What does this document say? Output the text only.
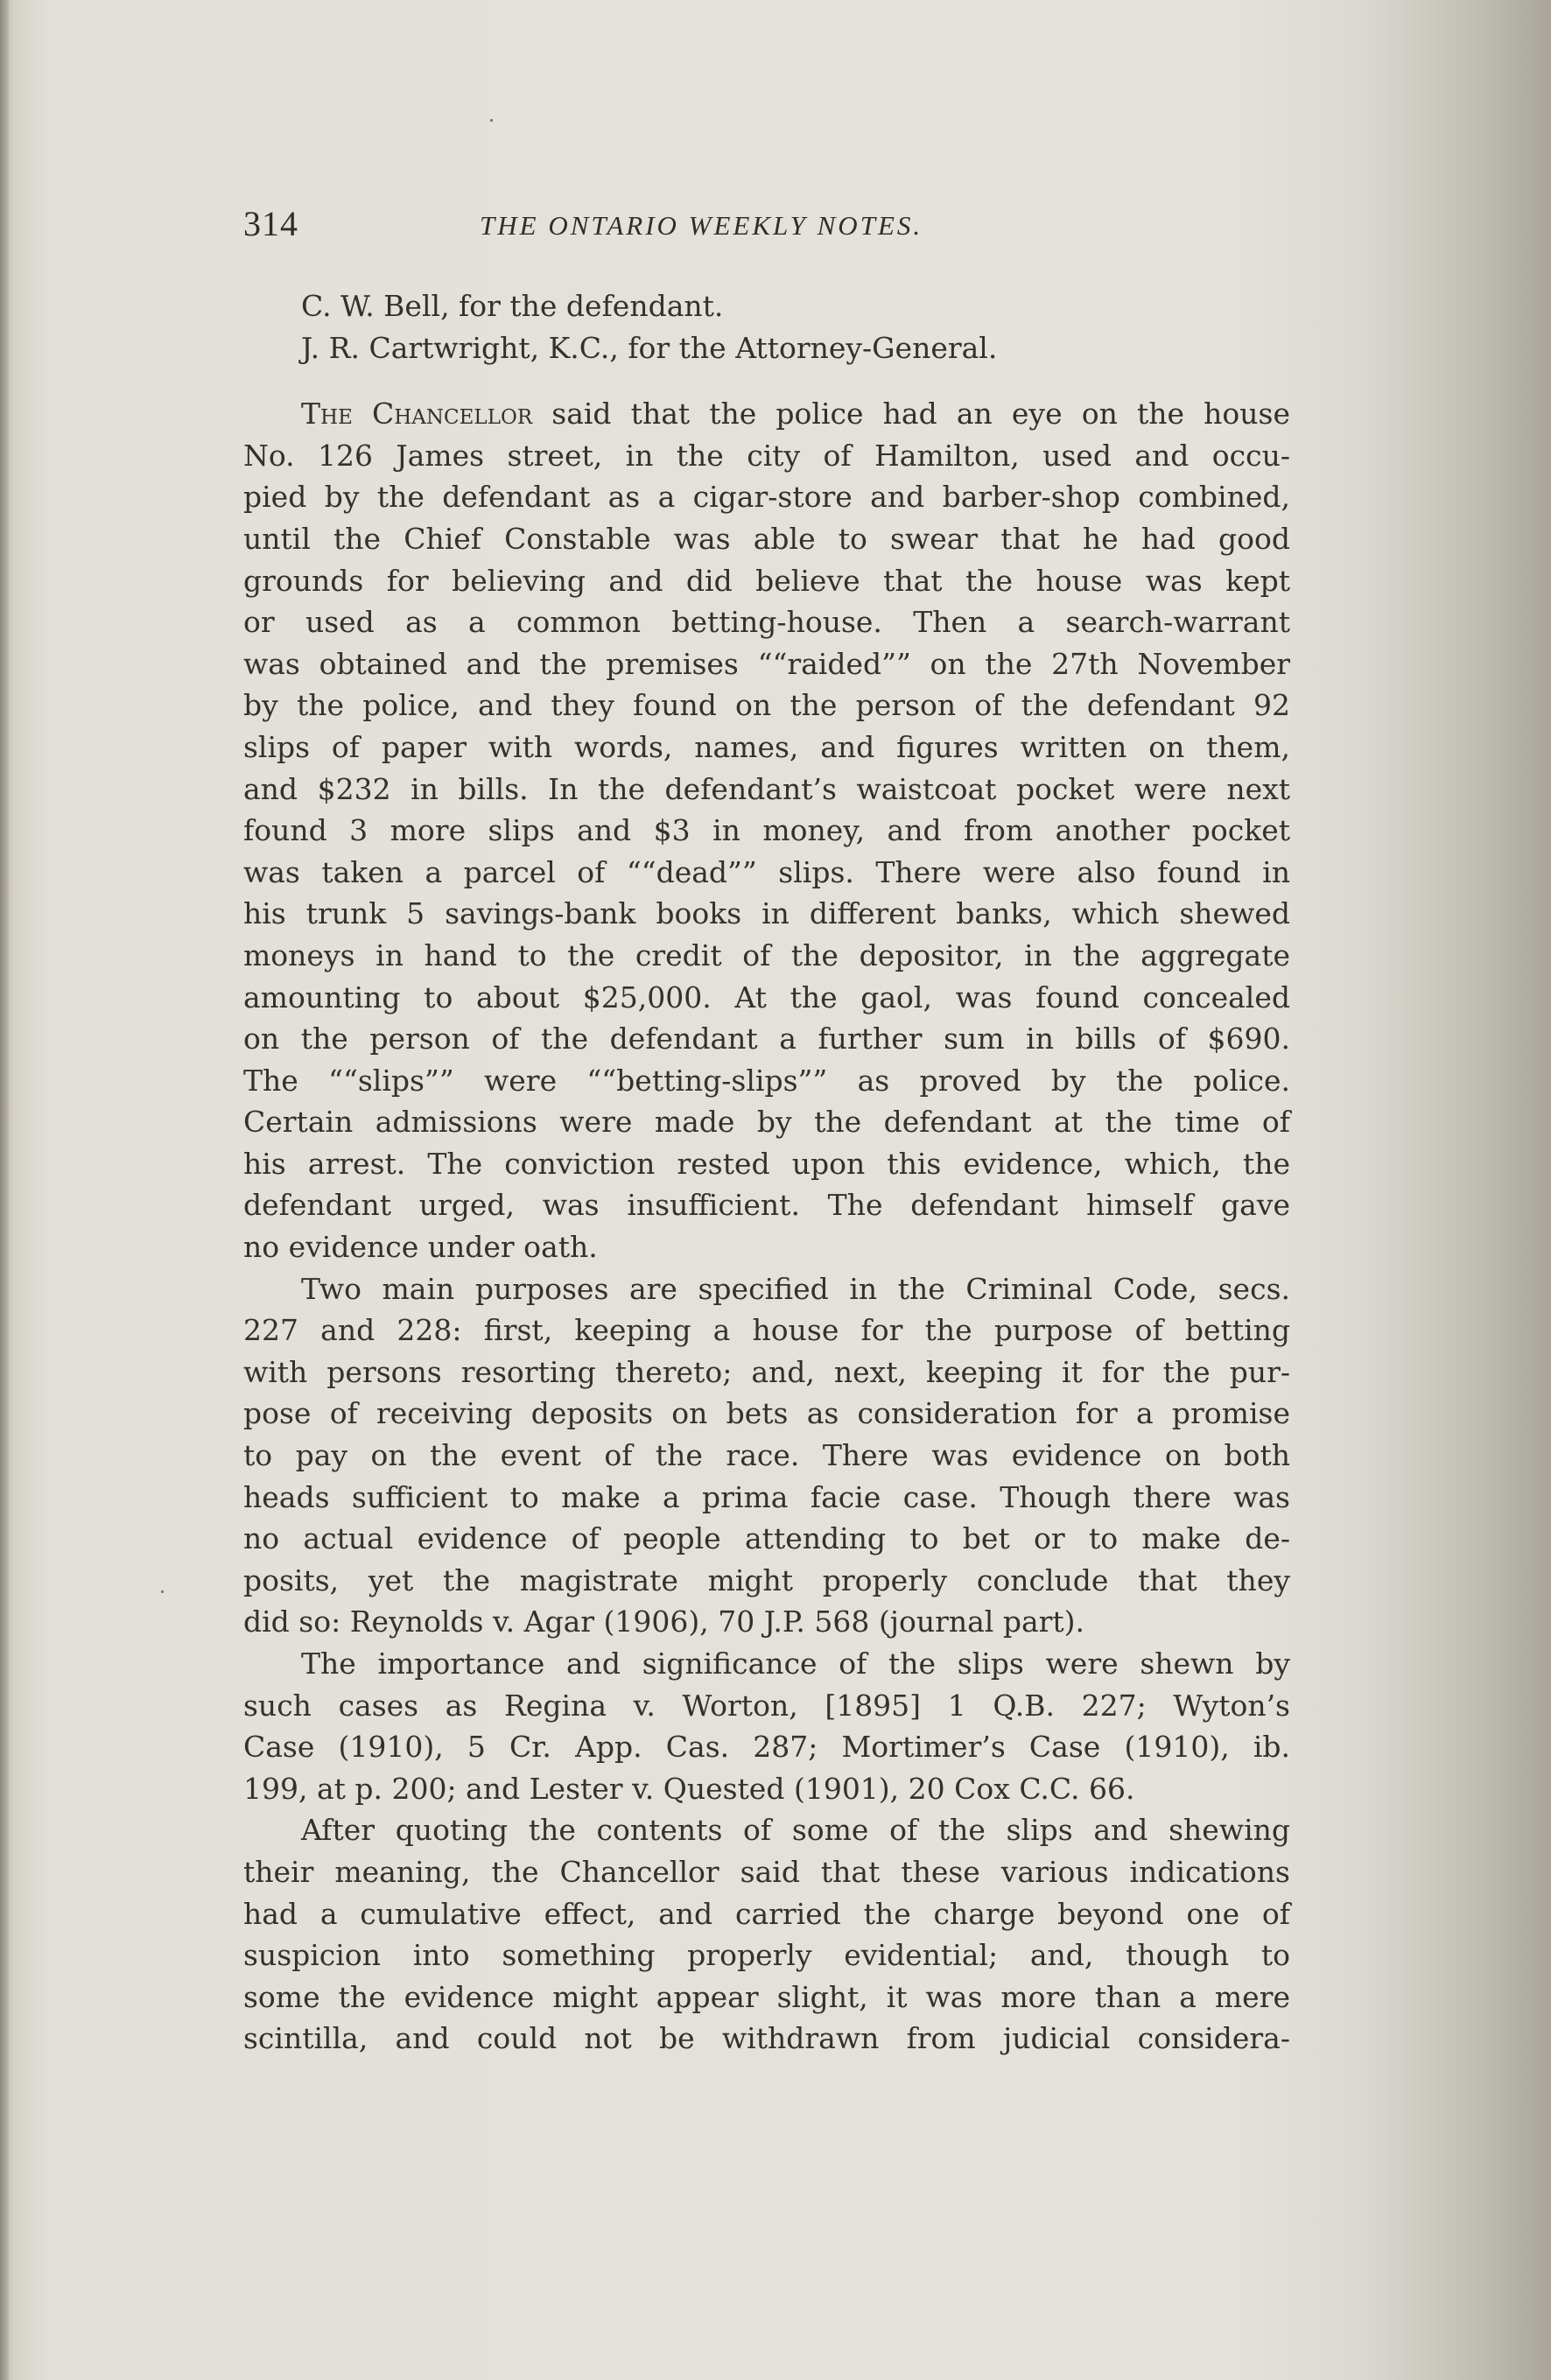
314	THE ONTARIO WEEKLY NOTES.
C. W. Bell, for the defendant.
J. R. Cartwright, K.C., for the Attorney-General.
The Chancellor said that the police had an eye on the house
No. 126 James street, in the city of Hamilton, used and occu-
pied by the defendant as a cigar-store and barber-shop combined,
until the Chief Constable was able to swear that he had good
grounds for believing and did believe that the house was kept
or used as a common betting-house. Then a search-warrant
was obtained and the premises ““raided”” on the 27th November
by the police, and they found on the person of the defendant 92
slips of paper with words, names, and figures written on them,
and $232 in bills. In the defendant’s waistcoat pocket were next
found 3 more slips and $3 in money, and from another pocket
was taken a parcel of ““dead”” slips. There were also found in
his trunk 5 savings-bank books in different banks, which shewed
moneys in hand to the credit of the depositor, in the aggregate
amounting to about $25,000. At the gaol, was found concealed
on the person of the defendant a further sum in bills of $690.
The ““slips”” were ““betting-slips”” as proved by the police.
Certain admissions were made by the defendant at the time of
his arrest. The conviction rested upon this evidence, which, the
defendant urged, was insufficient. The defendant himself gave
no evidence under oath.
Two main purposes are specified in the Criminal Code, secs.
227 and 228: first, keeping a house for the purpose of betting
with persons resorting thereto; and, next, keeping it for the pur-
pose of receiving deposits on bets as consideration for a promise
to pay on the event of the race. There was evidence on both
heads sufficient to make a prima facie case. Though there was
no actual evidence of people attending to bet or to make de-
posits, yet the magistrate might properly conclude that they
did so: Reynolds v. Agar (1906), 70 J.P. 568 (journal part).
The importance and significance of the slips were shewn by
such cases as Regina v. Worton, [1895] 1 Q.B. 227; Wyton’s
Case (1910), 5 Cr. App. Cas. 287; Mortimer’s Case (1910), ib.
199, at p. 200; and Lester v. Quested (1901), 20 Cox C.C. 66.
After quoting the contents of some of the slips and shewing
their meaning, the Chancellor said that these various indications
had a cumulative effect, and carried the charge beyond one of
suspicion into something properly evidential; and, though to
some the evidence might appear slight, it was more than a mere
scintilla, and could not be withdrawn from judicial considera-
